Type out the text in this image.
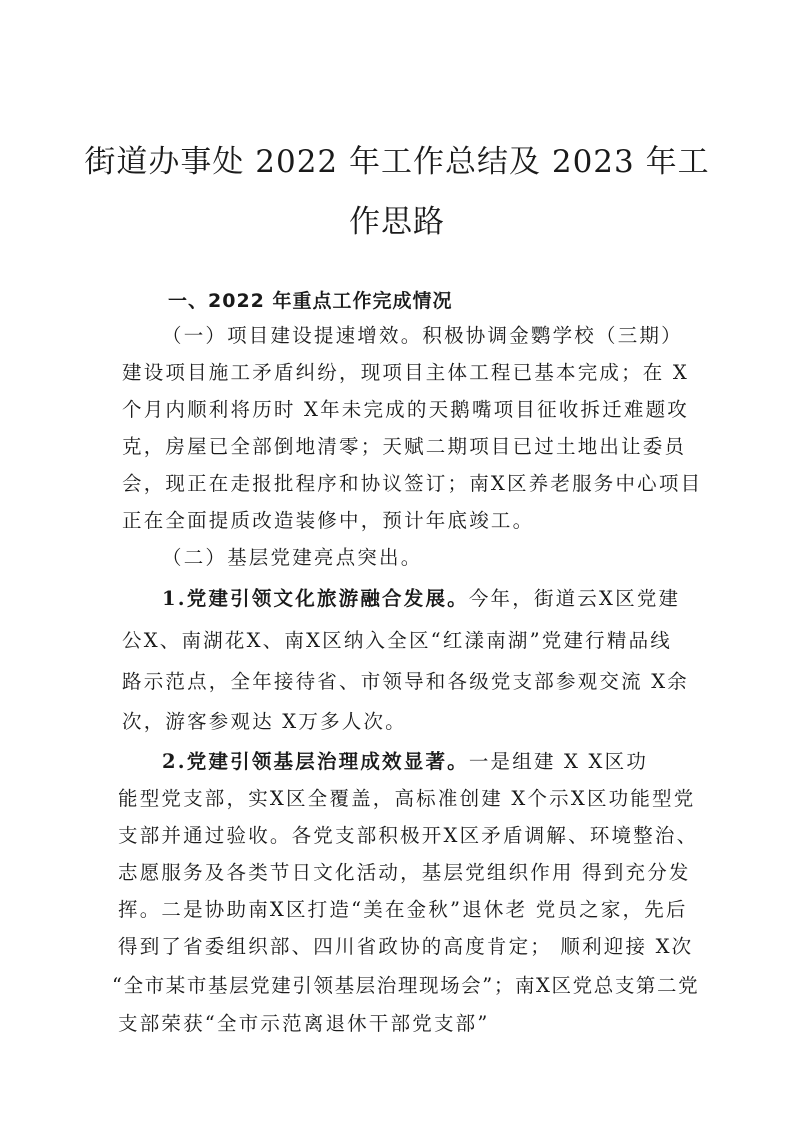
街道办事处 2022 年工作总结及 2023 年工
作思路
一、2022 年重点工作完成情况
（一）项目建设提速增效。积极协调金鹦学校（三期）
建设项目施工矛盾纠纷，现项目主体工程已基本完成；在 X
个月内顺利将历时 X年未完成的天鹅嘴项目征收拆迁难题攻
克，房屋已全部倒地清零；天赋二期项目已过土地出让委员
会，现正在走报批程序和协议签订；南X区养老服务中心项目
正在全面提质改造装修中，预计年底竣工。
（二）基层党建亮点突出。
1.党建引领文化旅游融合发展。今年，街道云X区党建
公X、南湖花X、南X区纳入全区“红漾南湖”党建行精品线
路示范点，全年接待省、市领导和各级党支部参观交流 X余
次，游客参观达 X万多人次。
2.党建引领基层治理成效显著。一是组建 X X区功
能型党支部，实X区全覆盖，高标准创建 X个示X区功能型党
支部并通过验收。各党支部积极开X区矛盾调解、环境整治、
志愿服务及各类节日文化活动，基层党组织作用 得到充分发
挥。二是协助南X区打造“美在金秋”退休老 党员之家，先后
得到了省委组织部、四川省政协的高度肯定； 顺利迎接 X次
“全市某市基层党建引领基层治理现场会”；南X区党总支第二党
支部荣获“全市示范离退休干部党支部”
